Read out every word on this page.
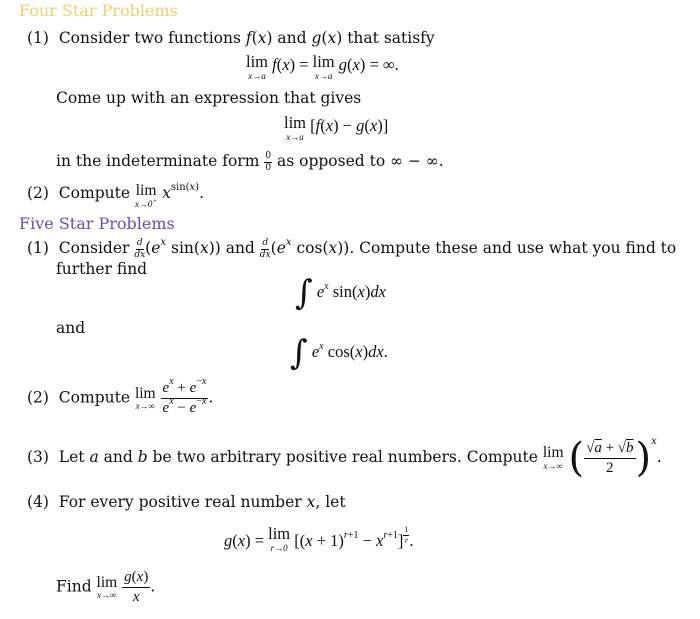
Four Star Problems
(1)  Consider two functions f(x) and g(x) that satisfy
lim
x→a
f(x) = lim
x→a
g(x) = ∞.
Come up with an expression that gives
lim
x→a
[f(x) − g(x)]
in the indeterminate form $\frac{0}{0}$ as opposed to ∞ − ∞.
(2)  Compute lim
x→0+ $x^{sin(x)}$.
Five Star Problems
(1)  Consider $\frac{d}{dx} (e^x$ sin(x)) and $\frac{d}{dx} (e^x$ cos(x)). Compute these and use what you find to
further find
∫ $e^x$ sin(x)dx
and
∫ $e^x$ cos(x)dx.
(2)  Compute lim
x→∞
$\frac{e^x + e^{-x}}{e^x - e^{-x}}$ .
(3)  Let a and b be two arbitrary positive real numbers. Compute lim
x→∞ ( $\frac{√a + √b}{2} )^x$.
(4)  For every positive real number x, let
g(x) = lim
r→0 $[(x + 1)^{r+1} - x^{r+1}]$ $^{\frac{1}{r}}$ .
Find lim
x→∞
$\frac{g(x)}{x}$ .
